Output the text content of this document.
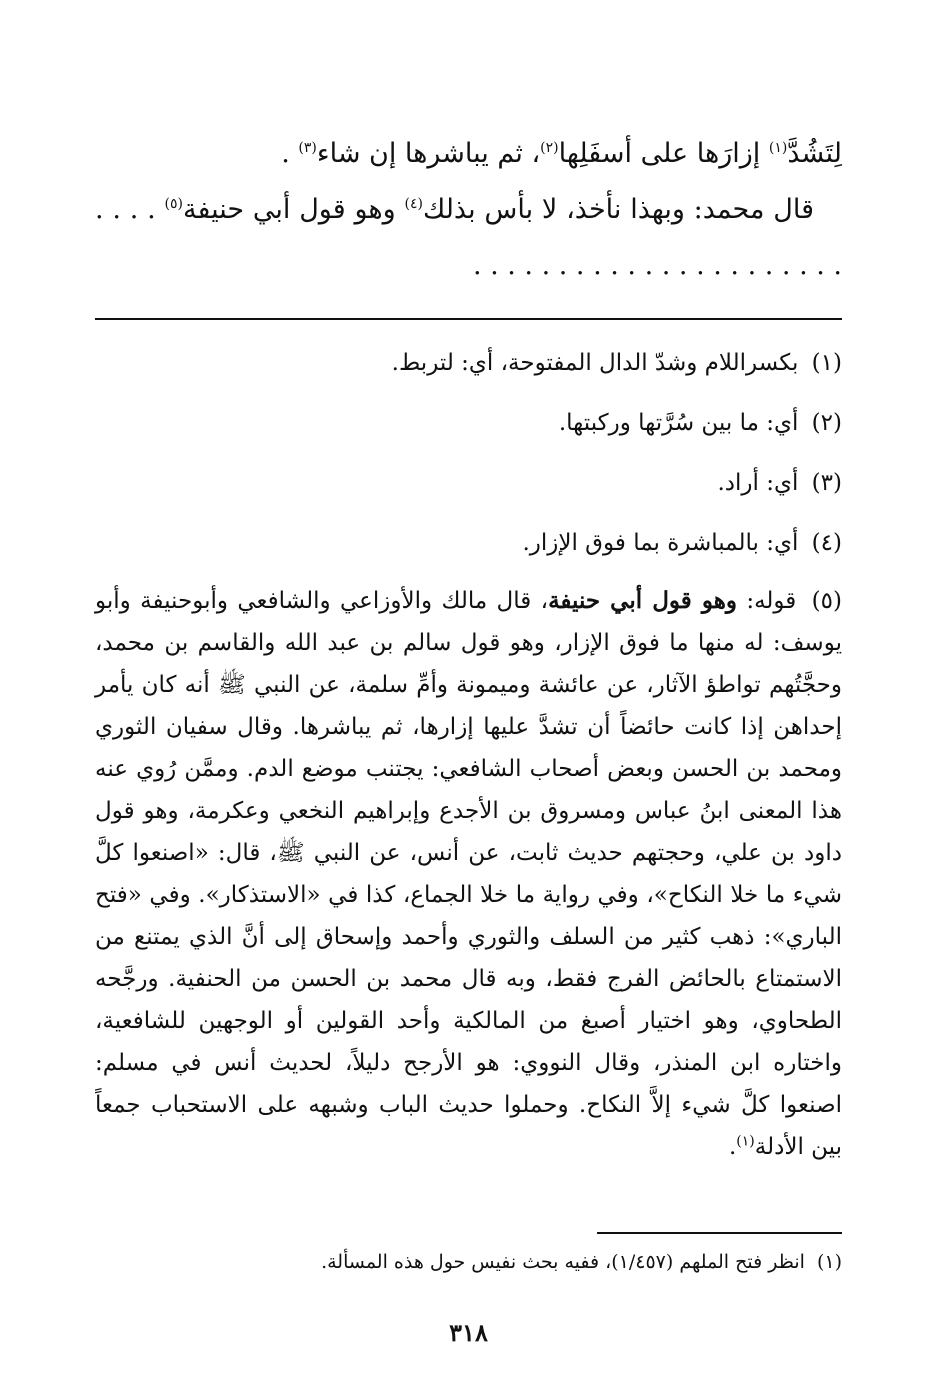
لِتَشُدَّ$^{(١)}$ إزارَها على أسفَلِها$^{(٢)}$، ثم يباشرها إن شاء$^{(٣)}$ .

قال محمد: وبهذا نأخذ، لا بأس بذلك$^{(٤)}$ وهو قول أبي حنيفة$^{(٥)}$ . . . . . . . . . . . . . . . . . . . . . . . . . .

(١) بكسراللام وشدّ الدال المفتوحة، أي: لتربط.

(٢) أي: ما بين سُرَّتها وركبتها.

(٣) أي: أراد.

(٤) أي: بالمباشرة بما فوق الإزار.

(٥) قوله: وهو قول أبي حنيفة، قال مالك والأوزاعي والشافعي وأبوحنيفة وأبو يوسف: له منها ما فوق الإزار، وهو قول سالم بن عبد الله والقاسم بن محمد، وحجَّتُهم تواطؤ الآثار، عن عائشة وميمونة وأمِّ سلمة، عن النبي ﷺ أنه كان يأمر إحداهن إذا كانت حائضاً أن تشدَّ عليها إزارها، ثم يباشرها. وقال سفيان الثوري ومحمد بن الحسن وبعض أصحاب الشافعي: يجتنب موضع الدم. وممَّن رُوي عنه هذا المعنى ابنُ عباس ومسروق بن الأجدع وإبراهيم النخعي وعكرمة، وهو قول داود بن علي، وحجتهم حديث ثابت، عن أنس، عن النبي ﷺ، قال: «اصنعوا كلَّ شيء ما خلا النكاح»، وفي رواية ما خلا الجماع، كذا في «الاستذكار». وفي «فتح الباري»: ذهب كثير من السلف والثوري وأحمد وإسحاق إلى أنَّ الذي يمتنع من الاستمتاع بالحائض الفرج فقط، وبه قال محمد بن الحسن من الحنفية. ورجَّحه الطحاوي، وهو اختيار أصبغ من المالكية وأحد القولين أو الوجهين للشافعية، واختاره ابن المنذر، وقال النووي: هو الأرجح دليلاً، لحديث أنس في مسلم: اصنعوا كلَّ شيء إلاَّ النكاح. وحملوا حديث الباب وشبهه على الاستحباب جمعاً بين الأدلة$^{(١)}$.

(١) انظر فتح الملهم (١/٤٥٧)، ففيه بحث نفيس حول هذه المسألة.
٣١٨
